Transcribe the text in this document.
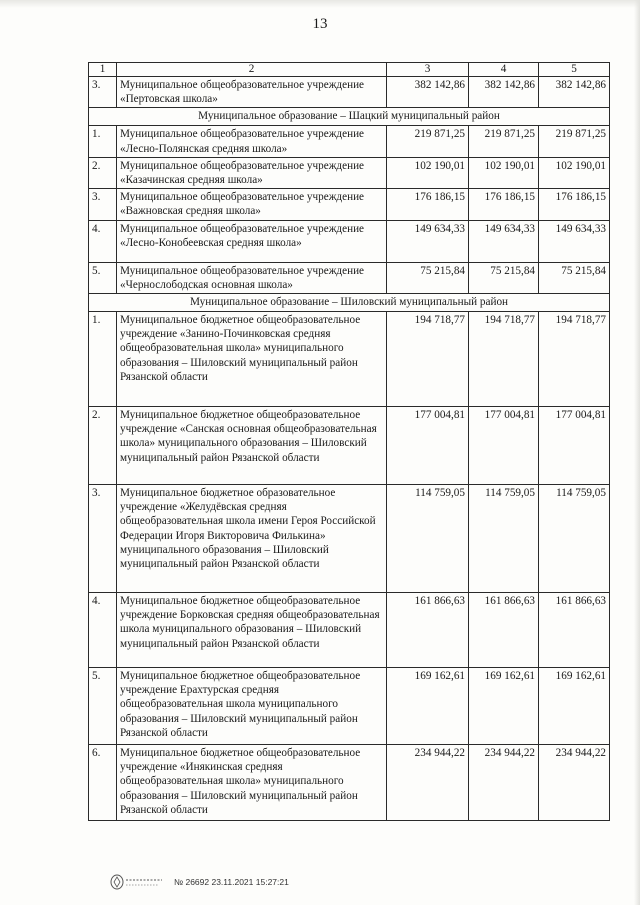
13
1	2	3	4	5
3.	Муниципальное общеобразовательное учреждение «Пертовская школа»	382 142,86	382 142,86	382 142,86
Муниципальное образование – Шацкий муниципальный район				
1.	Муниципальное общеобразовательное учреждение «Лесно-Полянская средняя школа»	219 871,25	219 871,25	219 871,25
2.	Муниципальное общеобразовательное учреждение «Казачинская средняя школа»	102 190,01	102 190,01	102 190,01
3.	Муниципальное общеобразовательное учреждение «Важновская средняя школа»	176 186,15	176 186,15	176 186,15
4.	Муниципальное общеобразовательное учреждение «Лесно-Конобеевская средняя школа»	149 634,33	149 634,33	149 634,33
5.	Муниципальное общеобразовательное учреждение «Чернослободская основная школа»	75 215,84	75 215,84	75 215,84
Муниципальное образование – Шиловский муниципальный район				
1.	Муниципальное бюджетное общеобразовательное учреждение «Занино-Починковская средняя общеобразовательная школа» муниципального образования – Шиловский муниципальный район Рязанской области	194 718,77	194 718,77	194 718,77
2.	Муниципальное бюджетное общеобразовательное учреждение «Санская основная общеобразовательная школа» муниципального образования – Шиловский муниципальный район Рязанской области	177 004,81	177 004,81	177 004,81
3.	Муниципальное бюджетное образовательное учреждение «Желудёвская средняя общеобразовательная школа имени Героя Российской Федерации Игоря Викторовича Филькина» муниципального образования – Шиловский муниципальный район Рязанской области	114 759,05	114 759,05	114 759,05
4.	Муниципальное бюджетное общеобразовательное учреждение Борковская средняя общеобразовательная школа муниципального образования – Шиловский муниципальный район Рязанской области	161 866,63	161 866,63	161 866,63
5.	Муниципальное бюджетное общеобразовательное учреждение Ерахтурская средняя общеобразовательная школа муниципального образования – Шиловский муниципальный район Рязанской области	169 162,61	169 162,61	169 162,61
6.	Муниципальное бюджетное общеобразовательное учреждение «Инякинская средняя общеобразовательная школа» муниципального образования – Шиловский муниципальный район Рязанской области	234 944,22	234 944,22	234 944,22
№ 26692 23.11.2021 15:27:21
